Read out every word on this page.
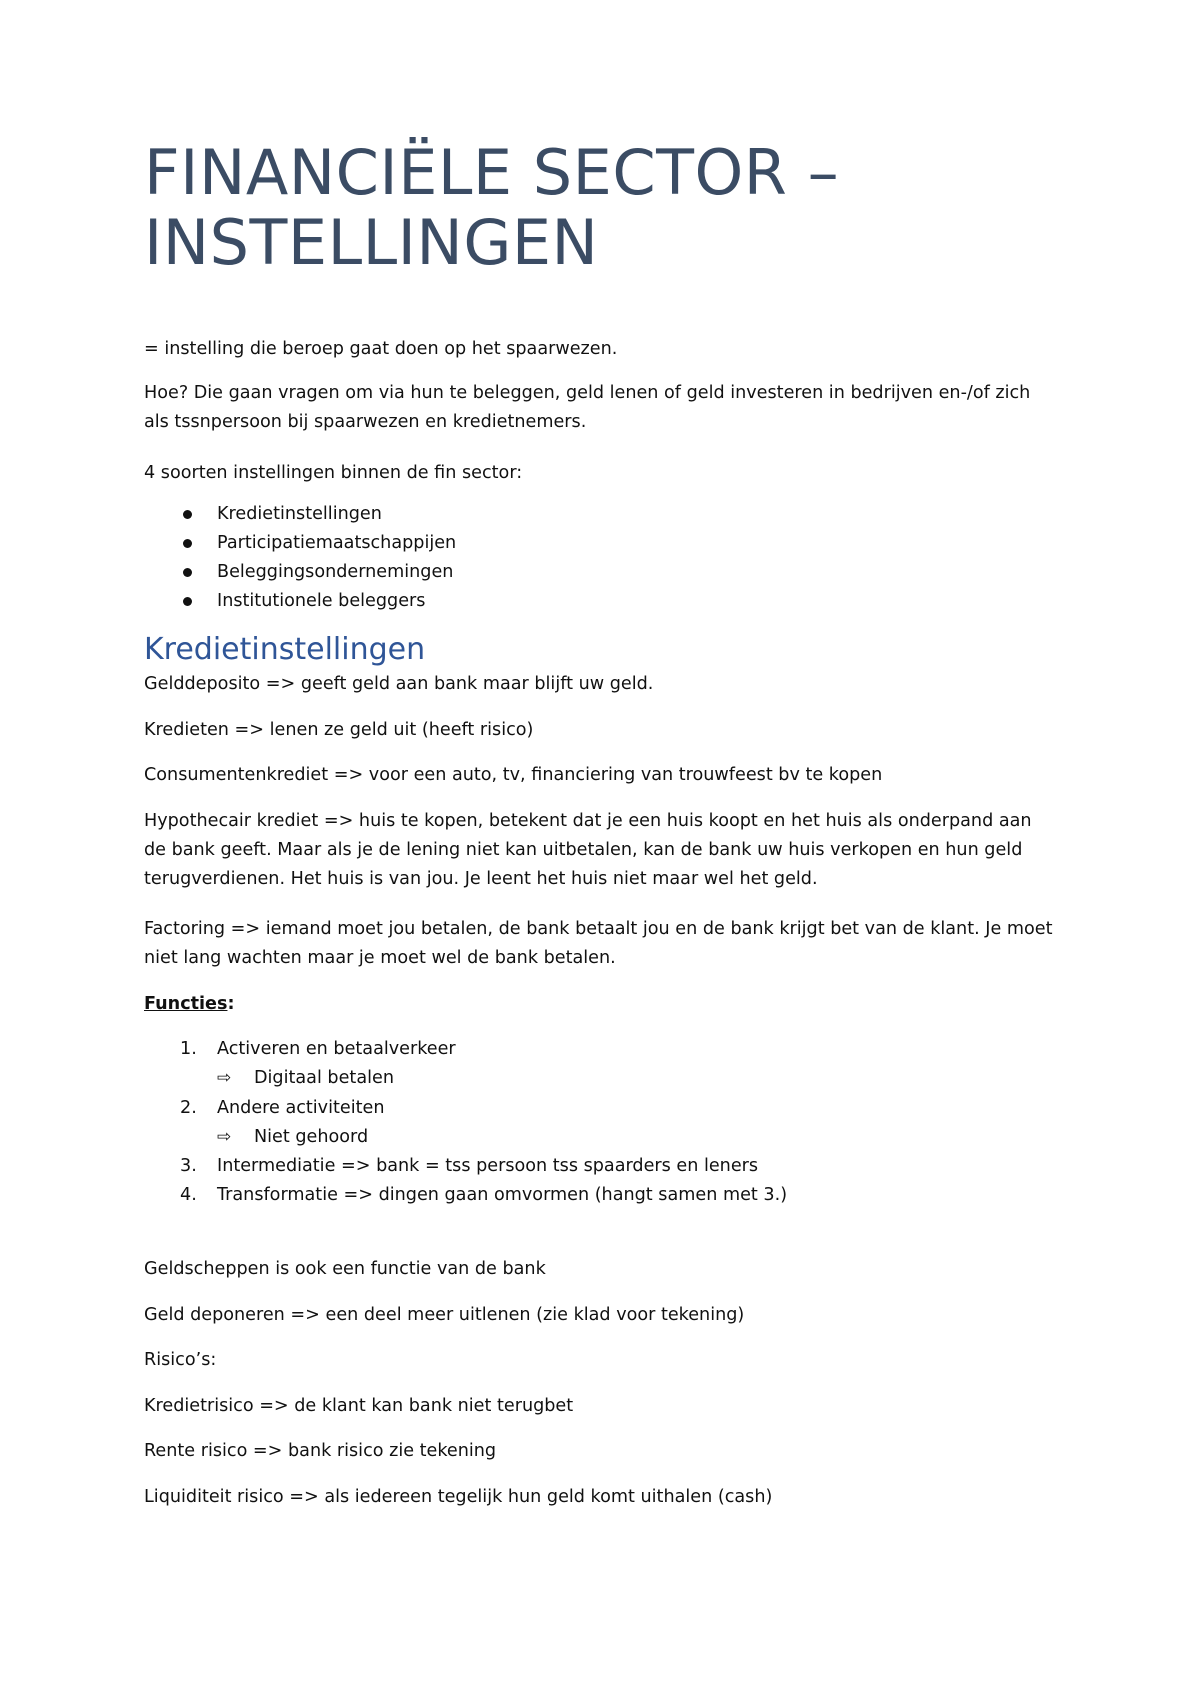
FINANCIËLE SECTOR – INSTELLINGEN

= instelling die beroep gaat doen op het spaarwezen.

Hoe? Die gaan vragen om via hun te beleggen, geld lenen of geld investeren in bedrijven en-/of zich

als tssnpersoon bij spaarwezen en kredietnemers.

4 soorten instellingen binnen de fin sector:

Kredietinstellingen

Participatiemaatschappijen

Beleggingsondernemingen

Institutionele beleggers

Kredietinstellingen

Gelddeposito => geeft geld aan bank maar blijft uw geld.

Kredieten => lenen ze geld uit (heeft risico)

Consumentenkrediet => voor een auto, tv, financiering van trouwfeest bv te kopen

Hypothecair krediet => huis te kopen, betekent dat je een huis koopt en het huis als onderpand aan

de bank geeft. Maar als je de lening niet kan uitbetalen, kan de bank uw huis verkopen en hun geld

terugverdienen. Het huis is van jou. Je leent het huis niet maar wel het geld.

Factoring => iemand moet jou betalen, de bank betaalt jou en de bank krijgt bet van de klant. Je moet

niet lang wachten maar je moet wel de bank betalen.

Functies:

1. Activeren en betaalverkeer

⇨ Digitaal betalen

2. Andere activiteiten

⇨ Niet gehoord

3. Intermediatie => bank = tss persoon tss spaarders en leners

4. Transformatie => dingen gaan omvormen (hangt samen met 3.)

Geldscheppen is ook een functie van de bank

Geld deponeren => een deel meer uitlenen (zie klad voor tekening)

Risico’s:

Kredietrisico => de klant kan bank niet terugbet

Rente risico => bank risico zie tekening

Liquiditeit risico => als iedereen tegelijk hun geld komt uithalen (cash)
